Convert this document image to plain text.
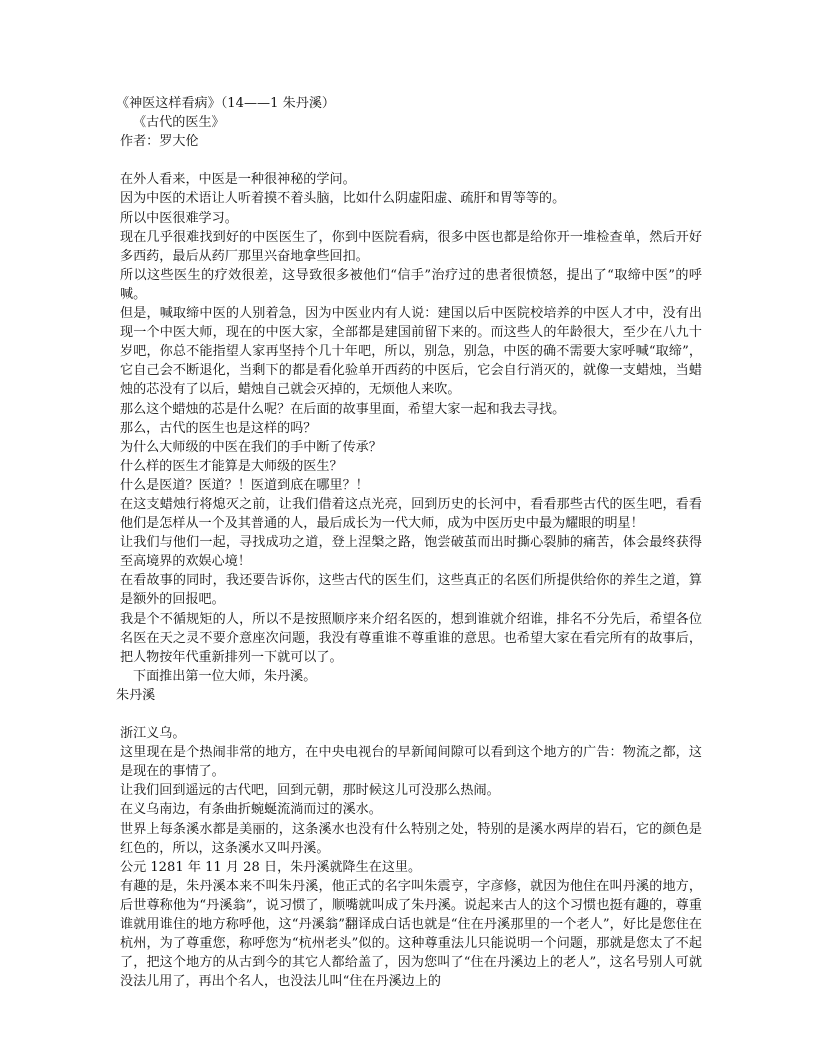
《神医这样看病》（14——1 朱丹溪）

《古代的医生》

作者：罗大伦

在外人看来，中医是一种很神秘的学问。

因为中医的术语让人听着摸不着头脑，比如什么阴虚阳虚、疏肝和胃等等的。

所以中医很难学习。

现在几乎很难找到好的中医医生了，你到中医院看病，很多中医也都是给你开一堆检查单，然后开好多西药，最后从药厂那里兴奋地拿些回扣。

所以这些医生的疗效很差，这导致很多被他们“信手”治疗过的患者很愤怒，提出了“取缔中医”的呼喊。

但是，喊取缔中医的人别着急，因为中医业内有人说：建国以后中医院校培养的中医人才中，没有出现一个中医大师，现在的中医大家，全部都是建国前留下来的。而这些人的年龄很大，至少在八九十岁吧，你总不能指望人家再坚持个几十年吧，所以，别急，别急，中医的确不需要大家呼喊“取缔”，它自己会不断退化，当剩下的都是看化验单开西药的中医后，它会自行消灭的，就像一支蜡烛，当蜡烛的芯没有了以后，蜡烛自己就会灭掉的，无烦他人来吹。

那么这个蜡烛的芯是什么呢？在后面的故事里面，希望大家一起和我去寻找。

那么，古代的医生也是这样的吗？

为什么大师级的中医在我们的手中断了传承？

什么样的医生才能算是大师级的医生？

什么是医道？医道？！医道到底在哪里？！

在这支蜡烛行将熄灭之前，让我们借着这点光亮，回到历史的长河中，看看那些古代的医生吧，看看他们是怎样从一个及其普通的人，最后成长为一代大师，成为中医历史中最为耀眼的明星！

让我们与他们一起，寻找成功之道，登上涅槃之路，饱尝破茧而出时撕心裂肺的痛苦，体会最终获得至高境界的欢娱心境！

在看故事的同时，我还要告诉你，这些古代的医生们，这些真正的名医们所提供给你的养生之道，算是额外的回报吧。

我是个不循规矩的人，所以不是按照顺序来介绍名医的，想到谁就介绍谁，排名不分先后，希望各位名医在天之灵不要介意座次问题，我没有尊重谁不尊重谁的意思。也希望大家在看完所有的故事后，把人物按年代重新排列一下就可以了。

下面推出第一位大师，朱丹溪。

朱丹溪

浙江义乌。

这里现在是个热闹非常的地方，在中央电视台的早新闻间隙可以看到这个地方的广告：物流之都，这是现在的事情了。

让我们回到遥远的古代吧，回到元朝，那时候这儿可没那么热闹。

在义乌南边，有条曲折蜿蜒流淌而过的溪水。

世界上每条溪水都是美丽的，这条溪水也没有什么特别之处，特别的是溪水两岸的岩石，它的颜色是红色的，所以，这条溪水又叫丹溪。

公元 1281 年 11 月 28 日，朱丹溪就降生在这里。

有趣的是，朱丹溪本来不叫朱丹溪，他正式的名字叫朱震亨，字彦修，就因为他住在叫丹溪的地方，后世尊称他为“丹溪翁”，说习惯了，顺嘴就叫成了朱丹溪。说起来古人的这个习惯也挺有趣的，尊重谁就用谁住的地方称呼他，这“丹溪翁”翻译成白话也就是“住在丹溪那里的一个老人”，好比是您住在杭州，为了尊重您，称呼您为“杭州老头”似的。这种尊重法儿只能说明一个问题，那就是您太了不起了，把这个地方的从古到今的其它人都给盖了，因为您叫了“住在丹溪边上的老人”，这名号别人可就没法儿用了，再出个名人，也没法儿叫“住在丹溪边上的
